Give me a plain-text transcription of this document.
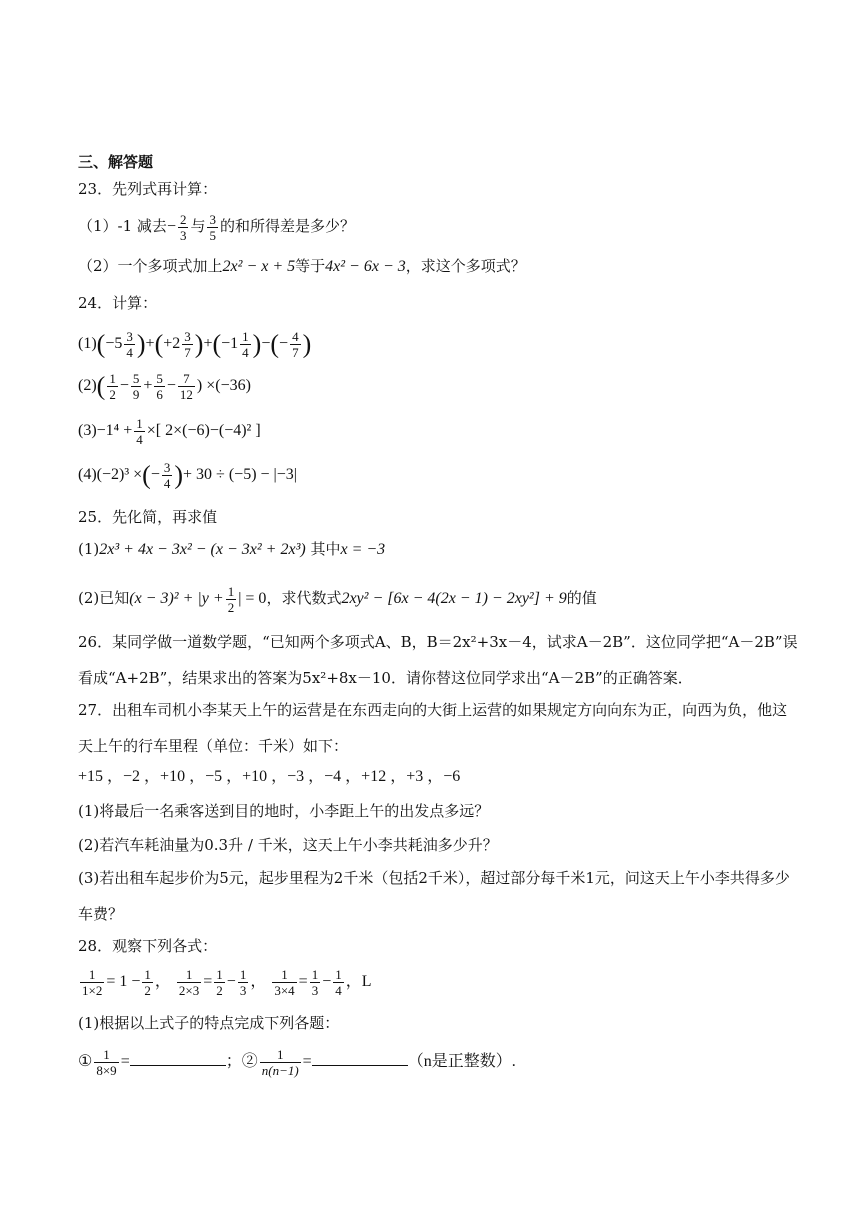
三、解答题
23．先列式再计算：
（1）-1 减去− $\frac{2}{3}$ 与 $\frac{3}{5}$ 的和所得差是多少？
（2）一个多项式加上2x² − x + 5等于4x² − 6x − 3，求这个多项式？
24．计算：
$(1)(-5 \frac{3}{4} )+(+2 \frac{3}{7} )+(-1 \frac{1}{4}$ )−(− $\frac{4}{7}$ )
$(2)( \frac{1}{2} - \frac{5}{9} + \frac{5}{6} - \frac{7}{12}$ ) ×(−36)
$(3)-1^4 + \frac{1}{4}$ ×[ 2×(−6)−(−4)² ]
(4)(−2)³ ×(− $\frac{3}{4}$ )+ 30 ÷ (−5) − |−3|
25．先化简，再求值
(1)2x³ + 4x − 3x² − (x − 3x² + 2x³) 其中x = −3
(2)已知$(x - 3)^2 + |y + \frac{1}{2}$ | = 0，求代数式2xy² − [6x − 4(2x − 1) − 2xy²] + 9的值
26．某同学做一道数学题，“已知两个多项式A、B，B＝2x²+3x－4，试求A－2B”．这位同学把“A－2B”误看成“A+2B”，结果求出的答案为5x²+8x－10．请你替这位同学求出“A－2B”的正确答案．
27．出租车司机小李某天上午的运营是在东西走向的大街上运营的如果规定方向向东为正，向西为负，他这天上午的行车里程（单位：千米）如下：
+15 ，−2 ，+10 ，−5 ，+10 ，−3 ，−4 ，+12 ，+3 ，−6
(1)将最后一名乘客送到目的地时，小李距上午的出发点多远？
(2)若汽车耗油量为0.3升 / 千米，这天上午小李共耗油多少升？
(3)若出租车起步价为5元，起步里程为2千米（包括2千米），超过部分每千米1元，问这天上午小李共得多少车费？
28．观察下列各式：
$\frac{1}{1\times 2} = 1 - \frac{1}{2}$ ， $\frac{1}{2\times 3} = \frac{1}{2} - \frac{1}{3}$ ， $\frac{1}{3\times 4} = \frac{1}{3} - \frac{1}{4}$ ，L
(1)根据以上式子的特点完成下列各题：
① $\frac{1}{8\times 9}$ =	；② $\frac{1}{n(n-1)}$ =	（n是正整数）.
